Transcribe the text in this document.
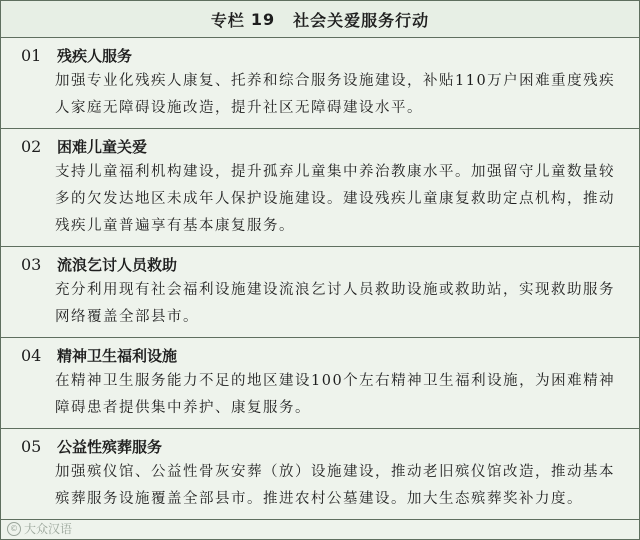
专栏 19 社会关爱服务行动
01	残疾人服务
加强专业化残疾人康复、托养和综合服务设施建设，补贴110万户困难重度残疾人家庭无障碍设施改造，提升社区无障碍建设水平。
02	困难儿童关爱
支持儿童福利机构建设，提升孤弃儿童集中养治教康水平。加强留守儿童数量较多的欠发达地区未成年人保护设施建设。建设残疾儿童康复救助定点机构，推动残疾儿童普遍享有基本康复服务。
03	流浪乞讨人员救助
充分利用现有社会福利设施建设流浪乞讨人员救助设施或救助站，实现救助服务网络覆盖全部县市。
04	精神卫生福利设施
在精神卫生服务能力不足的地区建设100个左右精神卫生福利设施，为困难精神障碍患者提供集中养护、康复服务。
05	公益性殡葬服务
加强殡仪馆、公益性骨灰安葬（放）设施建设，推动老旧殡仪馆改造，推动基本殡葬服务设施覆盖全部县市。推进农村公墓建设。加大生态殡葬奖补力度。
© 大众汉语
